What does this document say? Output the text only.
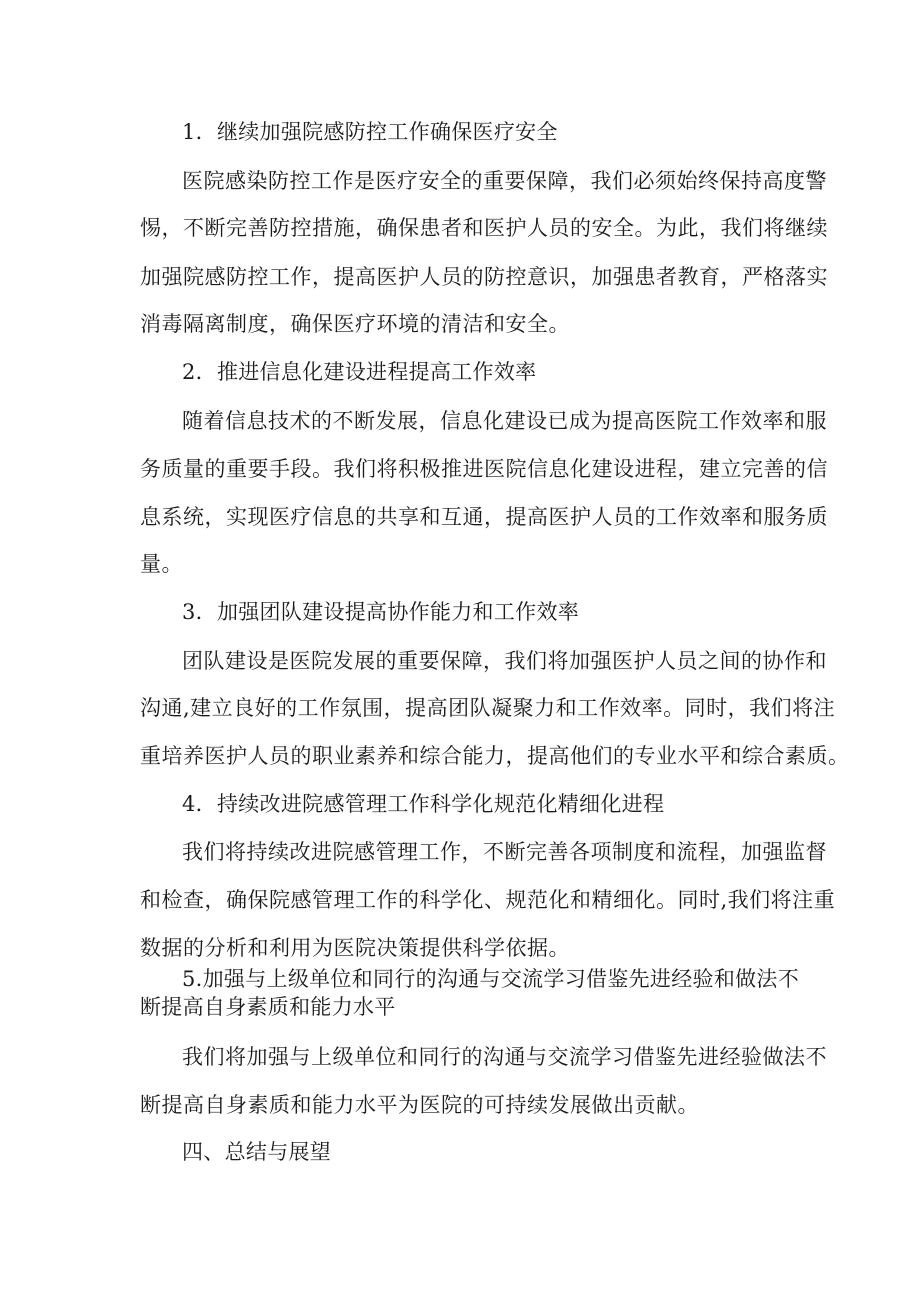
1．继续加强院感防控工作确保医疗安全
医院感染防控工作是医疗安全的重要保障，我们必须始终保持高度警
惕，不断完善防控措施，确保患者和医护人员的安全。为此，我们将继续
加强院感防控工作，提高医护人员的防控意识，加强患者教育，严格落实
消毒隔离制度，确保医疗环境的清洁和安全。
2．推进信息化建设进程提高工作效率
随着信息技术的不断发展，信息化建设已成为提高医院工作效率和服
务质量的重要手段。我们将积极推进医院信息化建设进程，建立完善的信
息系统，实现医疗信息的共享和互通，提高医护人员的工作效率和服务质
量。
3．加强团队建设提高协作能力和工作效率
团队建设是医院发展的重要保障，我们将加强医护人员之间的协作和
沟通,建立良好的工作氛围，提高团队凝聚力和工作效率。同时，我们将注
重培养医护人员的职业素养和综合能力，提高他们的专业水平和综合素质。
4．持续改进院感管理工作科学化规范化精细化进程
我们将持续改进院感管理工作，不断完善各项制度和流程，加强监督
和检查，确保院感管理工作的科学化、规范化和精细化。同时,我们将注重
数据的分析和利用为医院决策提供科学依据。
5.加强与上级单位和同行的沟通与交流学习借鉴先进经验和做法不
断提高自身素质和能力水平
我们将加强与上级单位和同行的沟通与交流学习借鉴先进经验做法不
断提高自身素质和能力水平为医院的可持续发展做出贡献。
四、总结与展望
